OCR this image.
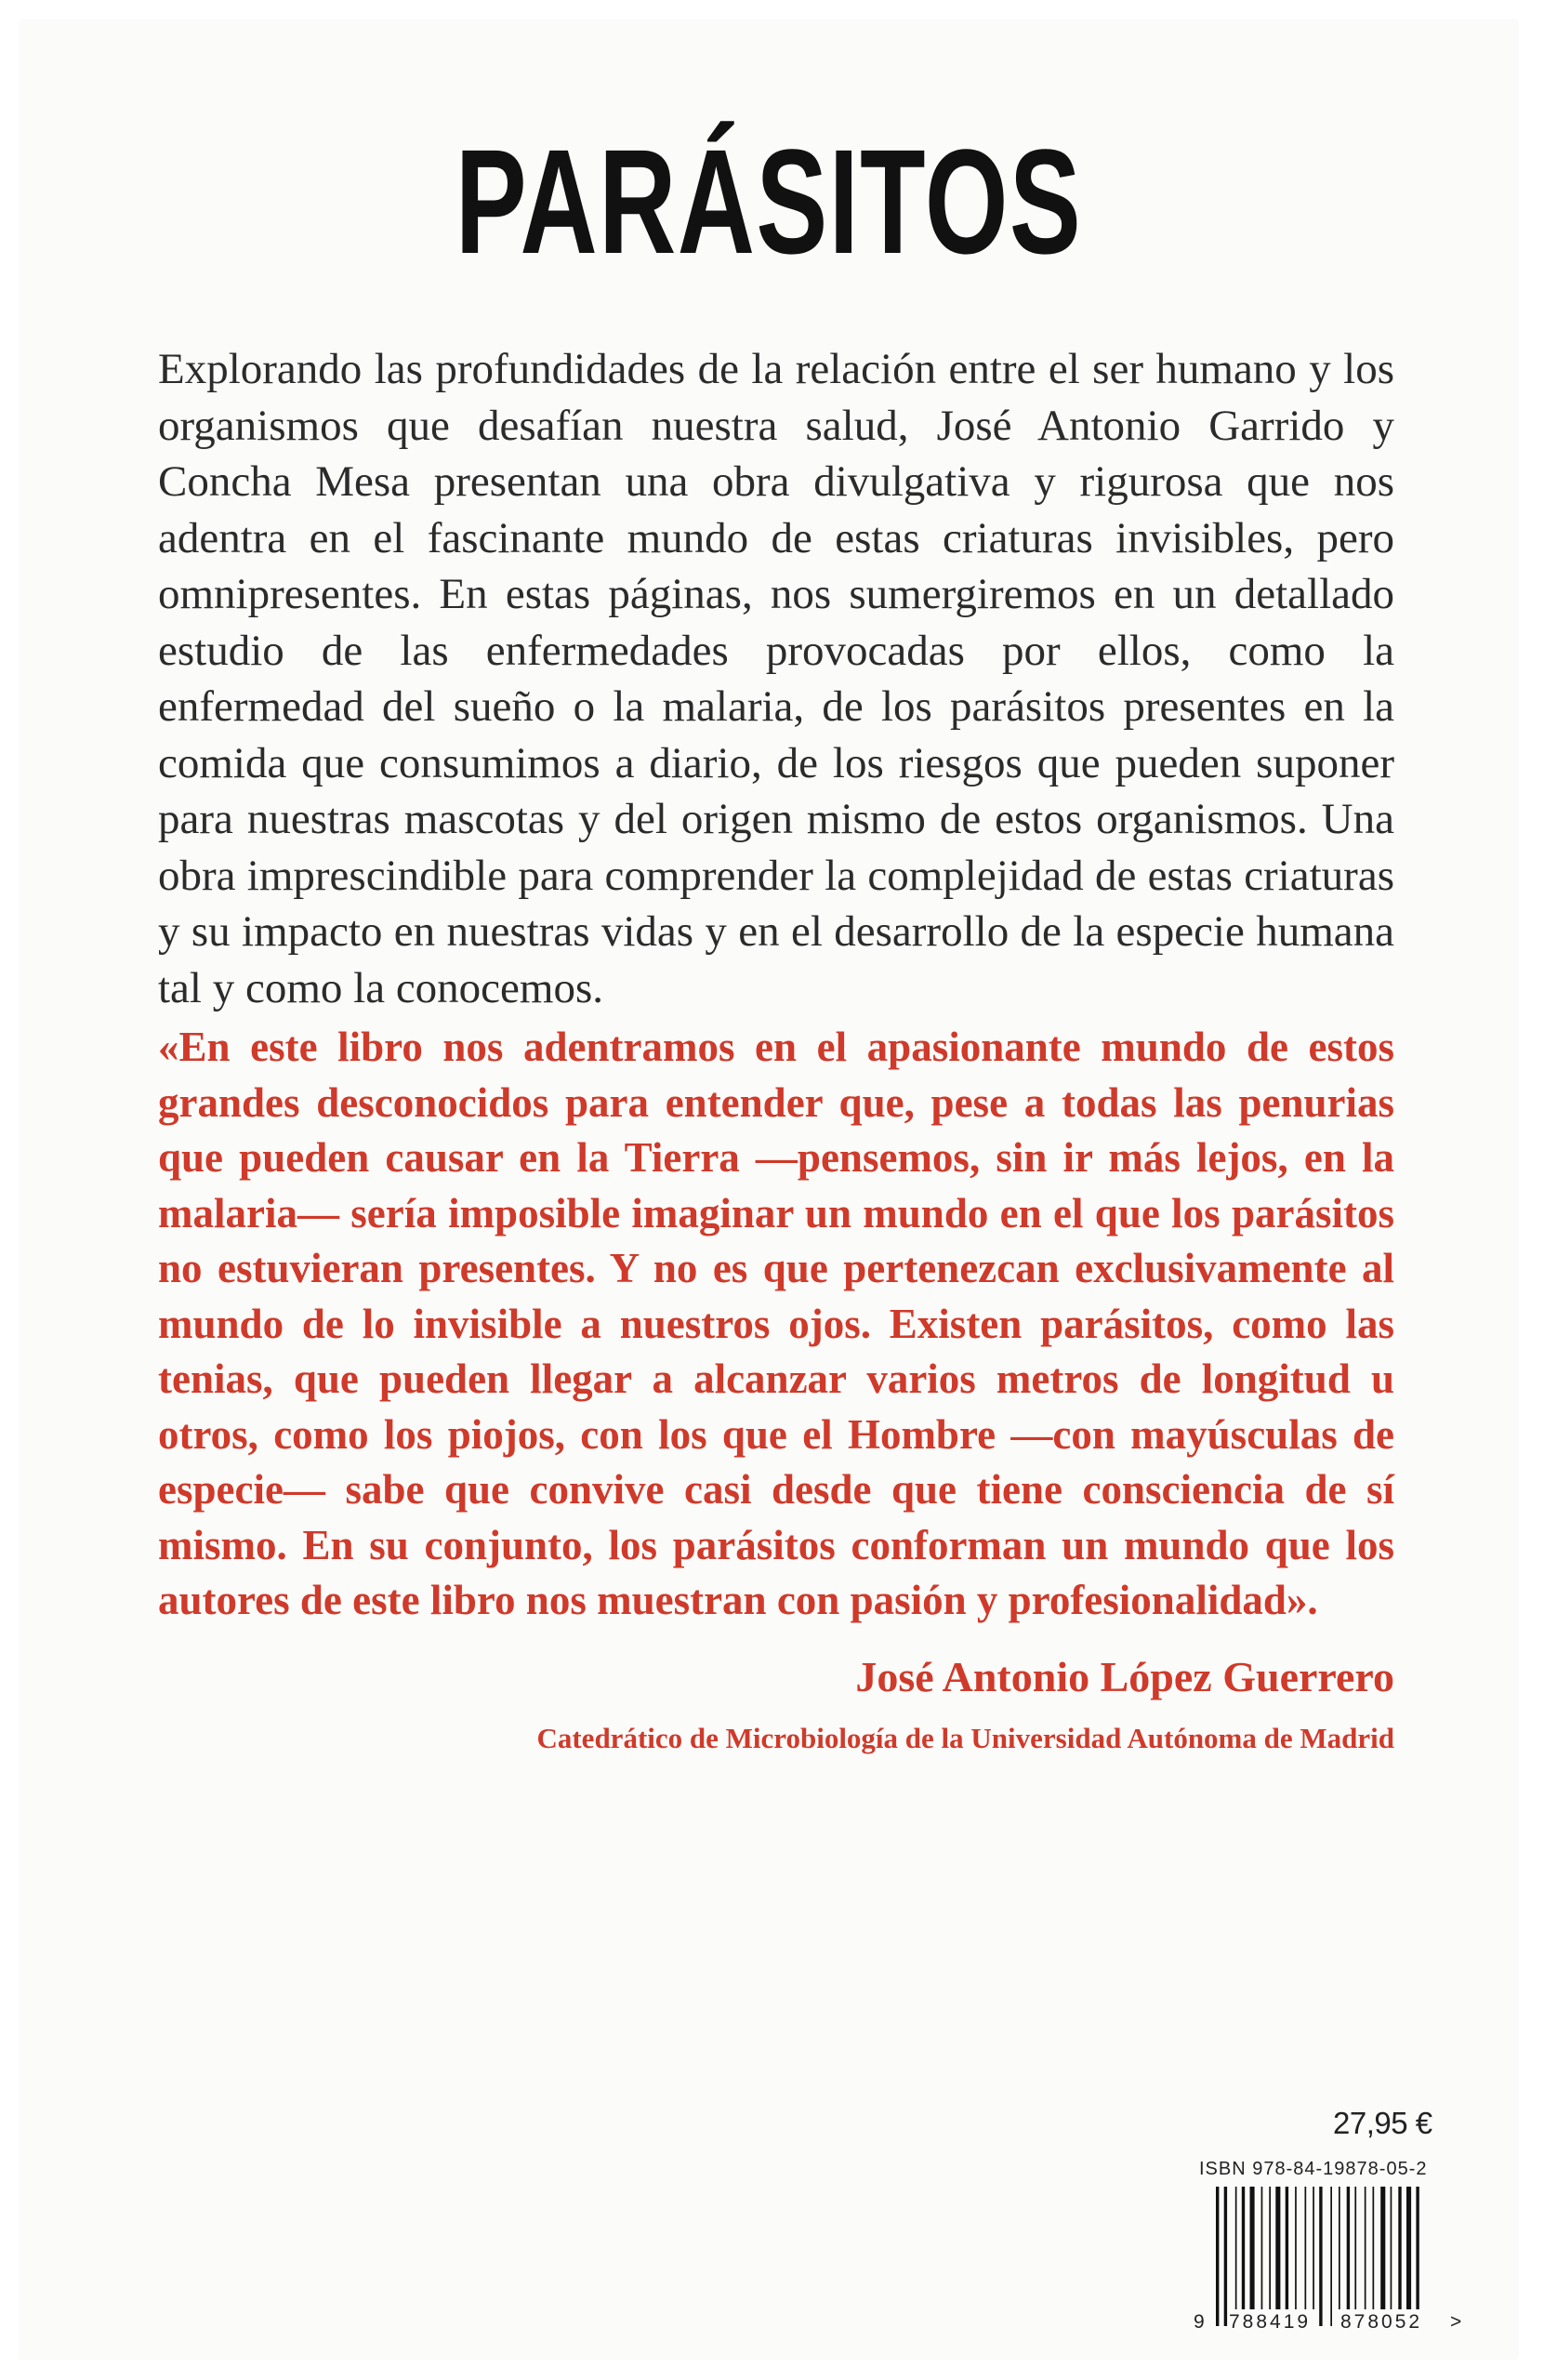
PARÁSITOS

Explorando las profundidades de la relación entre el ser humano y los organismos que desafían nuestra salud, José Antonio Garrido y Concha Mesa presentan una obra divulgativa y rigurosa que nos adentra en el fascinante mundo de estas criaturas invisibles, pero omnipresentes. En estas páginas, nos sumergiremos en un detallado estudio de las enfermedades provocadas por ellos, como la enfermedad del sueño o la malaria, de los parásitos presentes en la comida que consumimos a diario, de los riesgos que pueden suponer para nuestras mascotas y del origen mismo de estos organismos. Una obra imprescindible para comprender la complejidad de estas criaturas y su impacto en nuestras vidas y en el desarrollo de la especie humana tal y como la conocemos.

«En este libro nos adentramos en el apasionante mundo de estos grandes desconocidos para entender que, pese a todas las penurias que pueden causar en la Tierra —pensemos, sin ir más lejos, en la malaria— sería imposible imaginar un mundo en el que los parásitos no estuvieran presentes. Y no es que pertenezcan exclusivamente al mundo de lo invisible a nuestros ojos. Existen parásitos, como las tenias, que pueden llegar a alcanzar varios metros de longitud u otros, como los piojos, con los que el Hombre —con mayúsculas de especie— sabe que convive casi desde que tiene consciencia de sí mismo. En su conjunto, los parásitos conforman un mundo que los autores de este libro nos muestran con pasión y profesionalidad».

José Antonio López Guerrero
Catedrático de Microbiología de la Universidad Autónoma de Madrid
27,95 €
ISBN 978-84-19878-05-2
9 788419 878052 >
